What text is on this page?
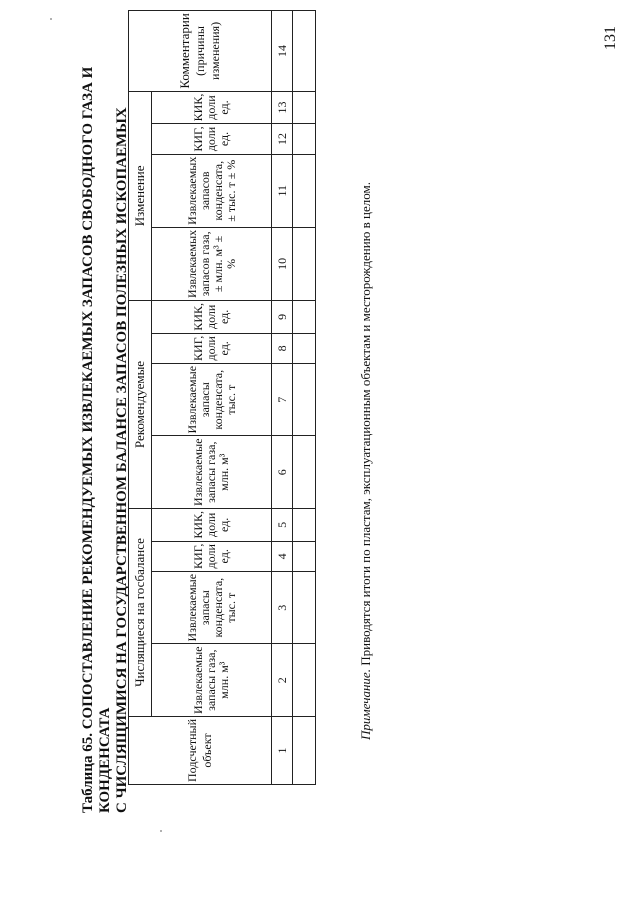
Таблица 65. СОПОСТАВЛЕНИЕ РЕКОМЕНДУЕМЫХ ИЗВЛЕКАЕМЫХ ЗАПАСОВ СВОБОДНОГО ГАЗА И КОНДЕНСАТА С ЧИСЛЯЩИМИСЯ НА ГОСУДАРСТВЕННОМ БАЛАНСЕ ЗАПАСОВ ПОЛЕЗНЫХ ИСКОПАЕМЫХ	Подсчетный объект	Числящиеся на госбалансе				Рекомендуемые				Изменение				Комментарии (причины изменения)

	Извлекаемые запасы газа, млн. м³	Извлекаемые запасы конденсата, тыс. т	КИГ, доли ед.	КИК, доли ед.	Извлекаемые запасы газа, млн. м³	Извлекаемые запасы конденсата, тыс. т	КИГ, доли ед.	КИК, доли ед.	Извлекаемых запасов газа, ± млн. м³ ± %	Извлекаемых запасов конденсата, ± тыс. т ± %	КИГ, доли ед.	КИК, доли ед.	
1	2	3	4	5	6	7	8	9	10	11	12	13	14

Примечание. Приводятся итоги по пластам, эксплуатационным объектам и месторождению в целом.
131
